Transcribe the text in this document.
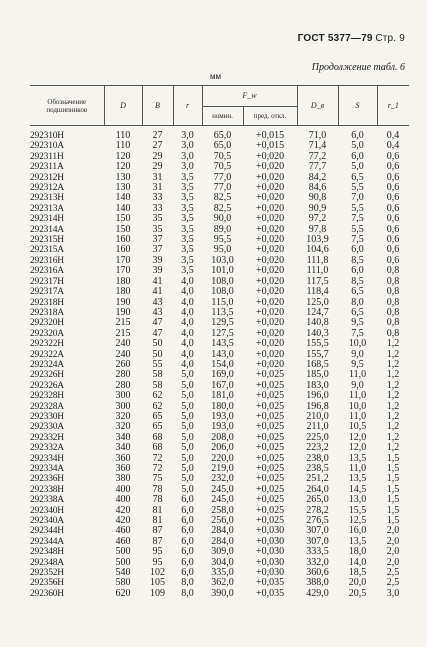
ГОСТ 5377—79 Стр. 9
Продолжение табл. 6
мм
Обозначение подшипников	D	B	r	F_w		D_в	S	r_1
				номин.	пред. откл.			

292310H	110	27	3,0	65,0	+0,015	71,0	6,0	0,4
292310A	110	27	3,0	65,0	+0,015	71,4	5,0	0,4
292311H	120	29	3,0	70,5	+0,020	77,2	6,0	0,6
292311A	120	29	3,0	70,5	+0,020	77,7	5,0	0,6
292312H	130	31	3,5	77,0	+0,020	84,2	6,5	0,6
292312A	130	31	3,5	77,0	+0,020	84,6	5,5	0,6
292313H	140	33	3,5	82,5	+0,020	90,8	7,0	0,6
292313A	140	33	3,5	82,5	+0,020	90,9	5,5	0,6
292314H	150	35	3,5	90,0	+0,020	97,2	7,5	0,6
292314A	150	35	3,5	89,0	+0,020	97,8	5,5	0,6
292315H	160	37	3,5	95,5	+0,020	103,9	7,5	0,6
292315A	160	37	3,5	95,0	+0,020	104,6	6,0	0,6
292316H	170	39	3,5	103,0	+0,020	111,8	8,5	0,6
292316A	170	39	3,5	101,0	+0,020	111,0	6,0	0,8
292317H	180	41	4,0	108,0	+0,020	117,5	8,5	0,8
292317A	180	41	4,0	108,0	+0,020	118,4	6,5	0,8
292318H	190	43	4,0	115,0	+0,020	125,0	8,0	0,8
292318A	190	43	4,0	113,5	+0,020	124,7	6,5	0,8
292320H	215	47	4,0	129,5	+0,020	140,8	9,5	0,8
292320A	215	47	4,0	127,5	+0,020	140,3	7,5	0,8
292322H	240	50	4,0	143,5	+0,020	155,5	10,0	1,2
292322A	240	50	4,0	143,0	+0,020	155,7	9,0	1,2
292324A	260	55	4,0	154,0	+0,020	168,5	9,5	1,2
292326H	280	58	5,0	169,0	+0,025	185,0	11,0	1,2
292326A	280	58	5,0	167,0	+0,025	183,0	9,0	1,2
292328H	300	62	5,0	181,0	+0,025	196,0	11,0	1,2
292328A	300	62	5,0	180,0	+0,025	196,8	10,0	1,2
292330H	320	65	5,0	193,0	+0,025	210,0	11,0	1,2
292330A	320	65	5,0	193,0	+0,025	211,0	10,5	1,2
292332H	340	68	5,0	208,0	+0,025	225,0	12,0	1,2
292332A	340	68	5,0	206,0	+0,025	223,2	12,0	1,2
292334H	360	72	5,0	220,0	+0,025	238,0	13,5	1,5
292334A	360	72	5,0	219,0	+0,025	238,5	11,0	1,5
292336H	380	75	5,0	232,0	+0,025	251,2	13,5	1,5
292338H	400	78	5,0	245,0	+0,025	264,0	14,5	1,5
292338A	400	78	6,0	245,0	+0,025	265,0	13,0	1,5
292340H	420	81	6,0	258,0	+0,025	278,2	15,5	1,5
292340A	420	81	6,0	256,0	+0,025	276,5	12,5	1,5
292344H	460	87	6,0	284,0	+0,030	307,0	16,0	2,0
292344A	460	87	6,0	284,0	+0,030	307,0	13,5	2,0
292348H	500	95	6,0	309,0	+0,030	333,5	18,0	2,0
292348A	500	95	6,0	304,0	+0,030	332,0	14,0	2,0
292352H	540	102	6,0	335,0	+0,030	360,6	18,5	2,5
292356H	580	105	8,0	362,0	+0,035	388,0	20,0	2,5
292360H	620	109	8,0	390,0	+0,035	429,0	20,5	3,0
